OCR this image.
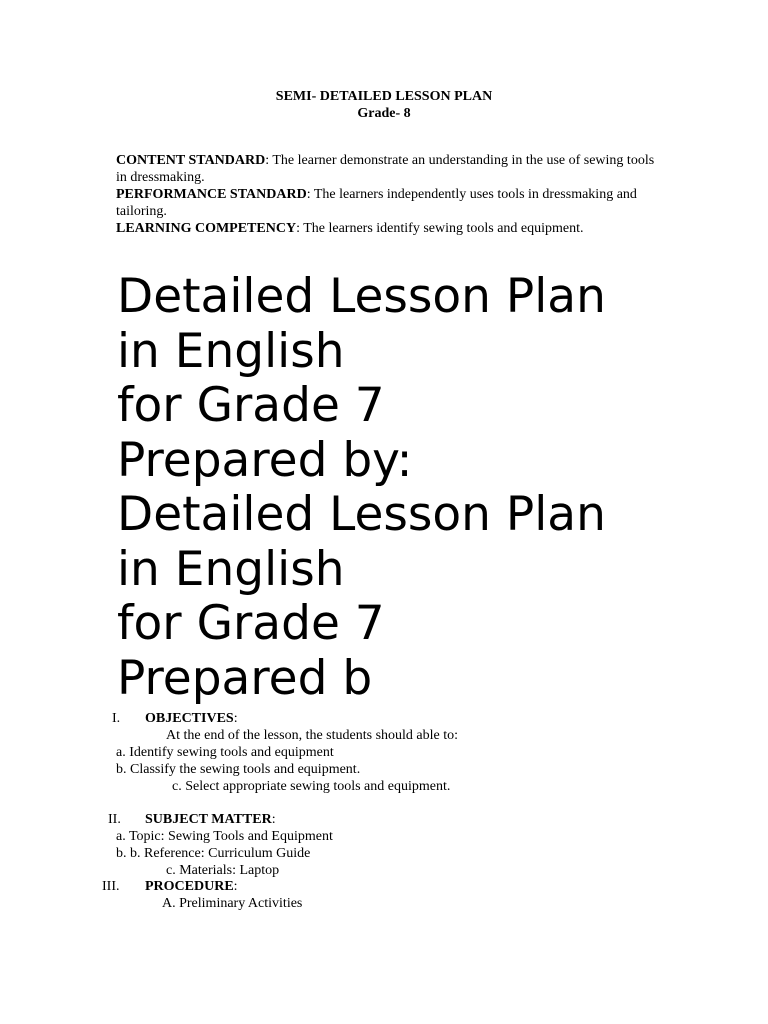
SEMI- DETAILED LESSON PLAN
Grade- 8
CONTENT STANDARD: The learner demonstrate an understanding in the use of sewing tools in dressmaking.
PERFORMANCE STANDARD: The learners independently uses tools in dressmaking and tailoring.
LEARNING COMPETENCY: The learners identify sewing tools and equipment.
Detailed Lesson Plan
in English
for Grade 7
Prepared by:
Detailed Lesson Plan
in English
for Grade 7
Prepared b
I. OBJECTIVES:
At the end of the lesson, the students should able to:
a. Identify sewing tools and equipment
b. Classify the sewing tools and equipment.
c. Select appropriate sewing tools and equipment.
II. SUBJECT MATTER:
a. Topic: Sewing Tools and Equipment
b. b. Reference: Curriculum Guide
c. Materials: Laptop
III. PROCEDURE:
A. Preliminary Activities
